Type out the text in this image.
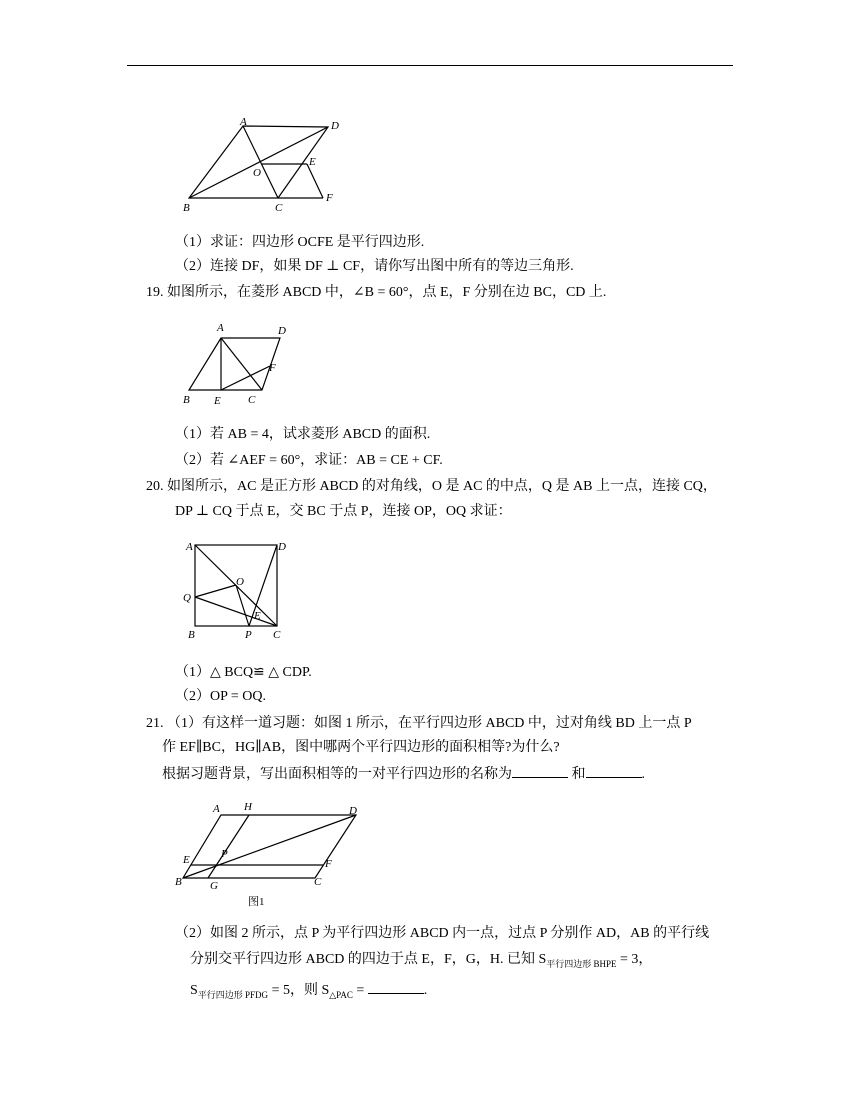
A	D
O
E
B	C
F
（1）求证：四边形 OCFE 是平行四边形.
（2）连接 DF，如果 DF ⊥ CF，请你写出图中所有的等边三角形.
19. 如图所示，在菱形 ABCD 中，∠B = 60°，点 E，F 分别在边 BC，CD 上.
A	D
F
B E C
（1）若 AB = 4，试求菱形 ABCD 的面积.
（2）若 ∠AEF = 60°，求证：AB = CE + CF.
20. 如图所示，AC 是正方形 ABCD 的对角线，O 是 AC 的中点，Q 是 AB 上一点，连接 CQ，
DP ⊥ CQ 于点 E，交 BC 于点 P，连接 OP，OQ 求证：
A	D
O
Q
E
B	P C
（1）△ BCQ≌ △ CDP.
（2）OP = OQ.
21. （1）有这样一道习题：如图 1 所示，在平行四边形 ABCD 中，过对角线 BD 上一点 P
作 EF∥BC，HG∥AB，图中哪两个平行四边形的面积相等?为什么?
根据习题背景，写出面积相等的一对平行四边形的名称为	和	.
A H	D
E	P
F
B	G	C
图1
（2）如图 2 所示，点 P 为平行四边形 ABCD 内一点，过点 P 分别作 AD，AB 的平行线
分别交平行四边形 ABCD 的四边于点 E，F，G，H. 已知 $S_{平行四边形 BHPE} = 3$，
$S_{平行四边形 PFDG} = 5$，则 $S_{\triangle PAC}$ =	.
